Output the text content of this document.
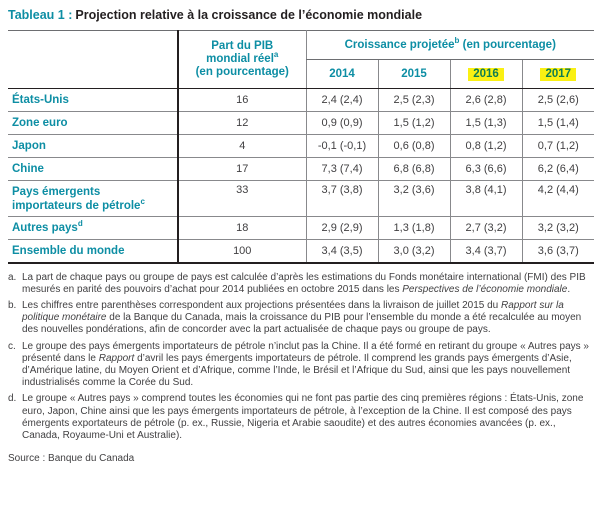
Tableau 1 : Projection relative à la croissance de l’économie mondiale
	Part du PIB
mondial réel$^a$
(en pourcentage)	Croissance projetée$^b$ (en pourcentage)			
		2014	2015	2016	2017
États-Unis	16	2,4 (2,4)	2,5 (2,3)	2,6 (2,8)	2,5 (2,6)
Zone euro	12	0,9 (0,9)	1,5 (1,2)	1,5 (1,3)	1,5 (1,4)
Japon	4	-0,1 (-0,1)	0,6 (0,8)	0,8 (1,2)	0,7 (1,2)
Chine	17	7,3 (7,4)	6,8 (6,8)	6,3 (6,6)	6,2 (6,4)
Pays émergents importateurs de pétrole$^c$	33	3,7 (3,8)	3,2 (3,6)	3,8 (4,1)	4,2 (4,4)
Autres pays$^d$	18	2,9 (2,9)	1,3 (1,8)	2,7 (3,2)	3,2 (3,2)
Ensemble du monde	100	3,4 (3,5)	3,0 (3,2)	3,4 (3,7)	3,6 (3,7)
a. La part de chaque pays ou groupe de pays est calculée d’après les estimations du Fonds monétaire international (FMI) des PIB mesurés en parité des pouvoirs d’achat pour 2014 publiées en octobre 2015 dans les Perspectives de l’économie mondiale.
b. Les chiffres entre parenthèses correspondent aux projections présentées dans la livraison de juillet 2015 du Rapport sur la politique monétaire de la Banque du Canada, mais la croissance du PIB pour l’ensemble du monde a été recalculée au moyen des nouvelles pondérations, afin de concorder avec la part actualisée de chaque pays ou groupe de pays.
c. Le groupe des pays émergents importateurs de pétrole n’inclut pas la Chine. Il a été formé en retirant du groupe « Autres pays » présenté dans le Rapport d’avril les pays émergents importateurs de pétrole. Il comprend les grands pays émergents d’Asie, d’Amérique latine, du Moyen Orient et d’Afrique, comme l’Inde, le Brésil et l’Afrique du Sud, ainsi que les pays nouvellement industrialisés comme la Corée du Sud.
d. Le groupe « Autres pays » comprend toutes les économies qui ne font pas partie des cinq premières régions : États-Unis, zone euro, Japon, Chine ainsi que les pays émergents importateurs de pétrole, à l’exception de la Chine. Il est composé des pays émergents exportateurs de pétrole (p. ex., Russie, Nigeria et Arabie saoudite) et des autres économies avancées (p. ex., Canada, Royaume-Uni et Australie).
Source : Banque du Canada
